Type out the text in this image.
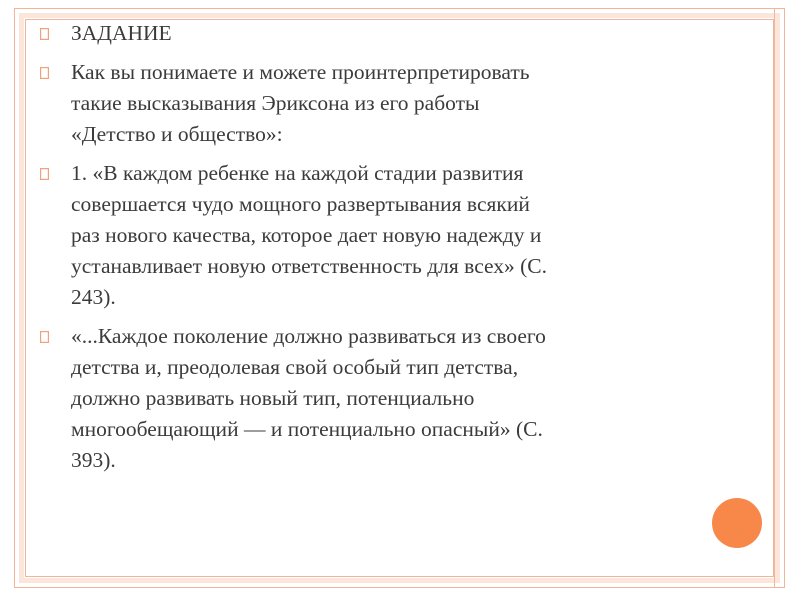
ЗАДАНИЕ
Как вы понимаете и можете проинтерпретировать
такие высказывания Эриксона из его работы
«Детство и общество»:
1. «В каждом ребенке на каждой стадии развития
совершается чудо мощного развертывания всякий
раз нового качества, которое дает новую надежду и
устанавливает новую ответственность для всех» (С.
243).
«...Каждое поколение должно развиваться из своего
детства и, преодолевая свой особый тип детства,
должно развивать новый тип, потенциально
многообещающий — и потенциально опасный» (С.
393).
